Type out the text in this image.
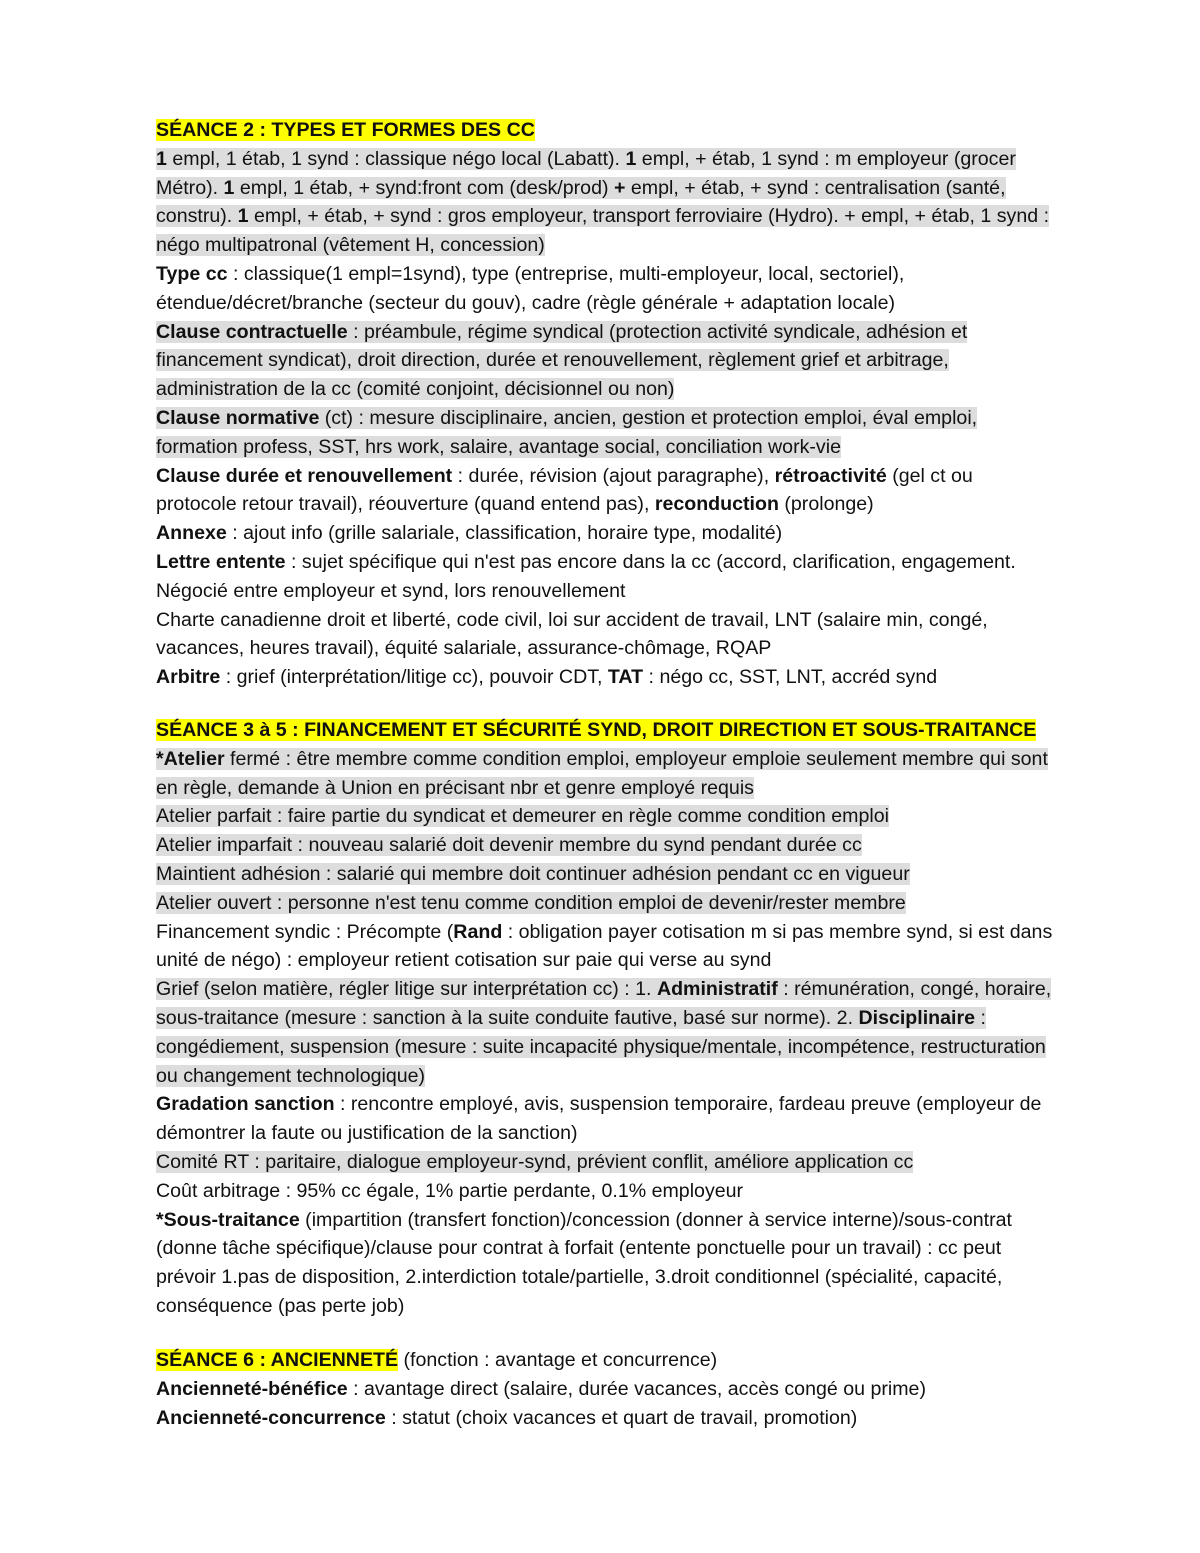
SÉANCE 2 : TYPES ET FORMES DES CC

1 empl, 1 étab, 1 synd : classique négo local (Labatt). 1 empl, + étab, 1 synd : m employeur (grocer Métro). 1 empl, 1 étab, + synd:front com (desk/prod) + empl, + étab, + synd : centralisation (santé, constru). 1 empl, + étab, + synd : gros employeur, transport ferroviaire (Hydro). + empl, + étab, 1 synd : négo multipatronal (vêtement H, concession)

Type cc : classique(1 empl=1synd), type (entreprise, multi-employeur, local, sectoriel), étendue/décret/branche (secteur du gouv), cadre (règle générale + adaptation locale)

Clause contractuelle : préambule, régime syndical (protection activité syndicale, adhésion et financement syndicat), droit direction, durée et renouvellement, règlement grief et arbitrage, administration de la cc (comité conjoint, décisionnel ou non)

Clause normative (ct) : mesure disciplinaire, ancien, gestion et protection emploi, éval emploi, formation profess, SST, hrs work, salaire, avantage social, conciliation work-vie

Clause durée et renouvellement : durée, révision (ajout paragraphe), rétroactivité (gel ct ou protocole retour travail), réouverture (quand entend pas), reconduction (prolonge)

Annexe : ajout info (grille salariale, classification, horaire type, modalité)

Lettre entente : sujet spécifique qui n'est pas encore dans la cc (accord, clarification, engagement. Négocié entre employeur et synd, lors renouvellement

Charte canadienne droit et liberté, code civil, loi sur accident de travail, LNT (salaire min, congé, vacances, heures travail), équité salariale, assurance-chômage, RQAP

Arbitre : grief (interprétation/litige cc), pouvoir CDT, TAT : négo cc, SST, LNT, accréd synd

SÉANCE 3 à 5 : FINANCEMENT ET SÉCURITÉ SYND, DROIT DIRECTION ET SOUS-TRAITANCE

*Atelier fermé : être membre comme condition emploi, employeur emploie seulement membre qui sont en règle, demande à Union en précisant nbr et genre employé requis

Atelier parfait : faire partie du syndicat et demeurer en règle comme condition emploi

Atelier imparfait : nouveau salarié doit devenir membre du synd pendant durée cc

Maintient adhésion : salarié qui membre doit continuer adhésion pendant cc en vigueur

Atelier ouvert : personne n'est tenu comme condition emploi de devenir/rester membre

Financement syndic : Précompte (Rand : obligation payer cotisation m si pas membre synd, si est dans unité de négo) : employeur retient cotisation sur paie qui verse au synd

Grief (selon matière, régler litige sur interprétation cc) : 1. Administratif : rémunération, congé, horaire, sous-traitance (mesure : sanction à la suite conduite fautive, basé sur norme). 2. Disciplinaire : congédiement, suspension (mesure : suite incapacité physique/mentale, incompétence, restructuration ou changement technologique)

Gradation sanction : rencontre employé, avis, suspension temporaire, fardeau preuve (employeur de démontrer la faute ou justification de la sanction)

Comité RT : paritaire, dialogue employeur-synd, prévient conflit, améliore application cc

Coût arbitrage : 95% cc égale, 1% partie perdante, 0.1% employeur

*Sous-traitance (impartition (transfert fonction)/concession (donner à service interne)/sous-contrat (donne tâche spécifique)/clause pour contrat à forfait (entente ponctuelle pour un travail) : cc peut prévoir 1.pas de disposition, 2.interdiction totale/partielle, 3.droit conditionnel (spécialité, capacité, conséquence (pas perte job)

SÉANCE 6 : ANCIENNETÉ (fonction : avantage et concurrence)

Ancienneté-bénéfice : avantage direct (salaire, durée vacances, accès congé ou prime)

Ancienneté-concurrence : statut (choix vacances et quart de travail, promotion)
